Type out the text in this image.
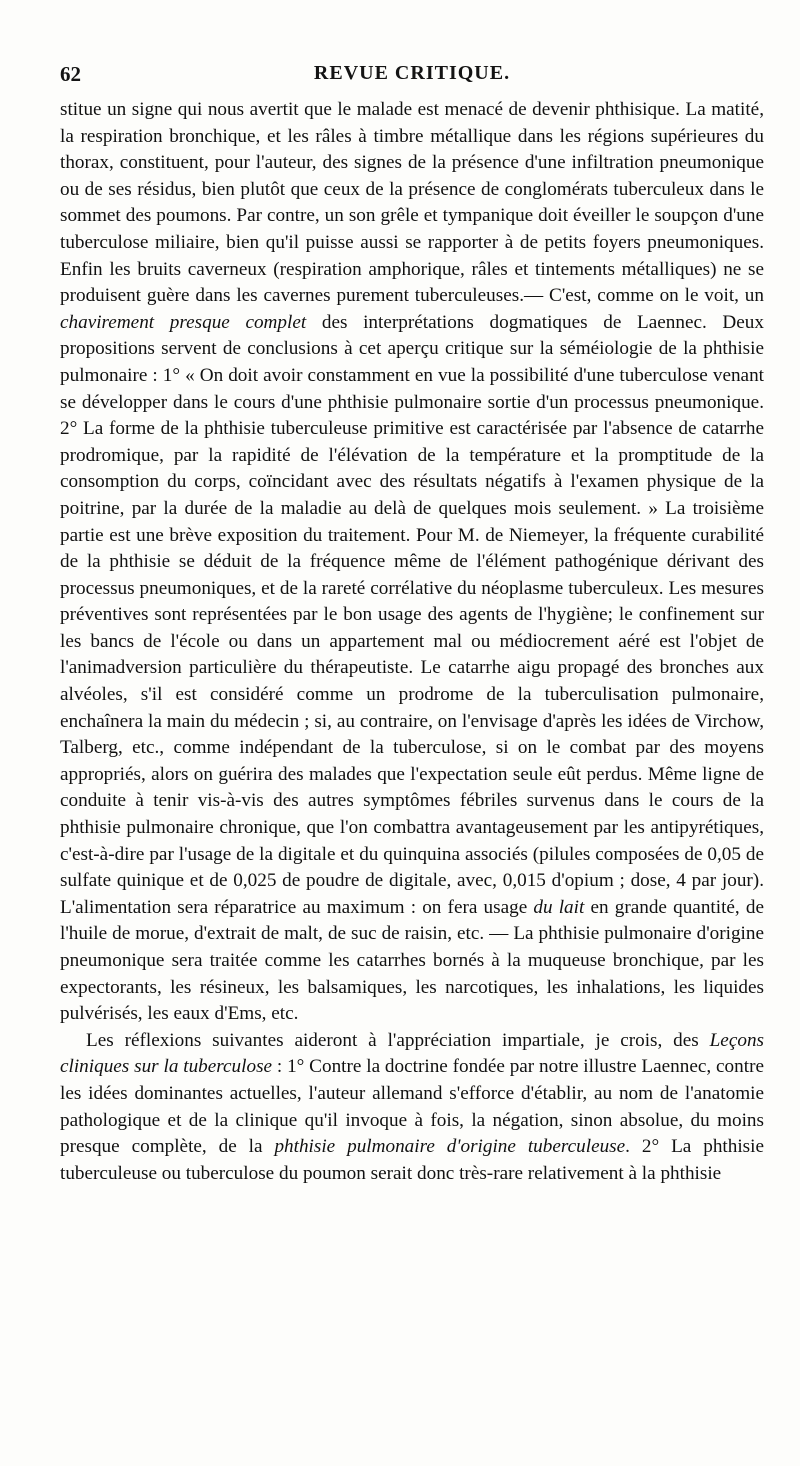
62	REVUE CRITIQUE.

stitue un signe qui nous avertit que le malade est menacé de devenir phthisique. La matité, la respiration bronchique, et les râles à timbre métallique dans les régions supérieures du thorax, constituent, pour l'auteur, des signes de la présence d'une infiltration pneumonique ou de ses résidus, bien plutôt que ceux de la présence de conglomérats tuberculeux dans le sommet des poumons. Par contre, un son grêle et tympanique doit éveiller le soupçon d'une tuberculose miliaire, bien qu'il puisse aussi se rapporter à de petits foyers pneumoniques. Enfin les bruits caverneux (respiration amphorique, râles et tintements métalliques) ne se produisent guère dans les cavernes purement tuberculeuses.— C'est, comme on le voit, un chavirement presque complet des interprétations dogmatiques de Laennec. Deux propositions servent de conclusions à cet aperçu critique sur la séméiologie de la phthisie pulmonaire : 1° « On doit avoir constamment en vue la possibilité d'une tuberculose venant se développer dans le cours d'une phthisie pulmonaire sortie d'un processus pneumonique. 2° La forme de la phthisie tuberculeuse primitive est caractérisée par l'absence de catarrhe prodromique, par la rapidité de l'élévation de la température et la promptitude de la consomption du corps, coïncidant avec des résultats négatifs à l'examen physique de la poitrine, par la durée de la maladie au delà de quelques mois seulement. » La troisième partie est une brève exposition du traitement. Pour M. de Niemeyer, la fréquente curabilité de la phthisie se déduit de la fréquence même de l'élément pathogénique dérivant des processus pneumoniques, et de la rareté corrélative du néoplasme tuberculeux. Les mesures préventives sont représentées par le bon usage des agents de l'hygiène; le confinement sur les bancs de l'école ou dans un appartement mal ou médiocrement aéré est l'objet de l'animadversion particulière du thérapeutiste. Le catarrhe aigu propagé des bronches aux alvéoles, s'il est considéré comme un prodrome de la tuberculisation pulmonaire, enchaînera la main du médecin ; si, au contraire, on l'envisage d'après les idées de Virchow, Talberg, etc., comme indépendant de la tuberculose, si on le combat par des moyens appropriés, alors on guérira des malades que l'expectation seule eût perdus. Même ligne de conduite à tenir vis-à-vis des autres symptômes fébriles survenus dans le cours de la phthisie pulmonaire chronique, que l'on combattra avantageusement par les antipyrétiques, c'est-à-dire par l'usage de la digitale et du quinquina associés (pilules composées de 0,05 de sulfate quinique et de 0,025 de poudre de digitale, avec, 0,015 d'opium ; dose, 4 par jour). L'alimentation sera réparatrice au maximum : on fera usage du lait en grande quantité, de l'huile de morue, d'extrait de malt, de suc de raisin, etc. — La phthisie pulmonaire d'origine pneumonique sera traitée comme les catarrhes bornés à la muqueuse bronchique, par les expectorants, les résineux, les balsamiques, les narcotiques, les inhalations, les liquides pulvérisés, les eaux d'Ems, etc.

Les réflexions suivantes aideront à l'appréciation impartiale, je crois, des Leçons cliniques sur la tuberculose : 1° Contre la doctrine fondée par notre illustre Laennec, contre les idées dominantes actuelles, l'auteur allemand s'efforce d'établir, au nom de l'anatomie pathologique et de la clinique qu'il invoque à fois, la négation, sinon absolue, du moins presque complète, de la phthisie pulmonaire d'origine tuberculeuse. 2° La phthisie tuberculeuse ou tuberculose du poumon serait donc très-rare relativement à la phthisie
